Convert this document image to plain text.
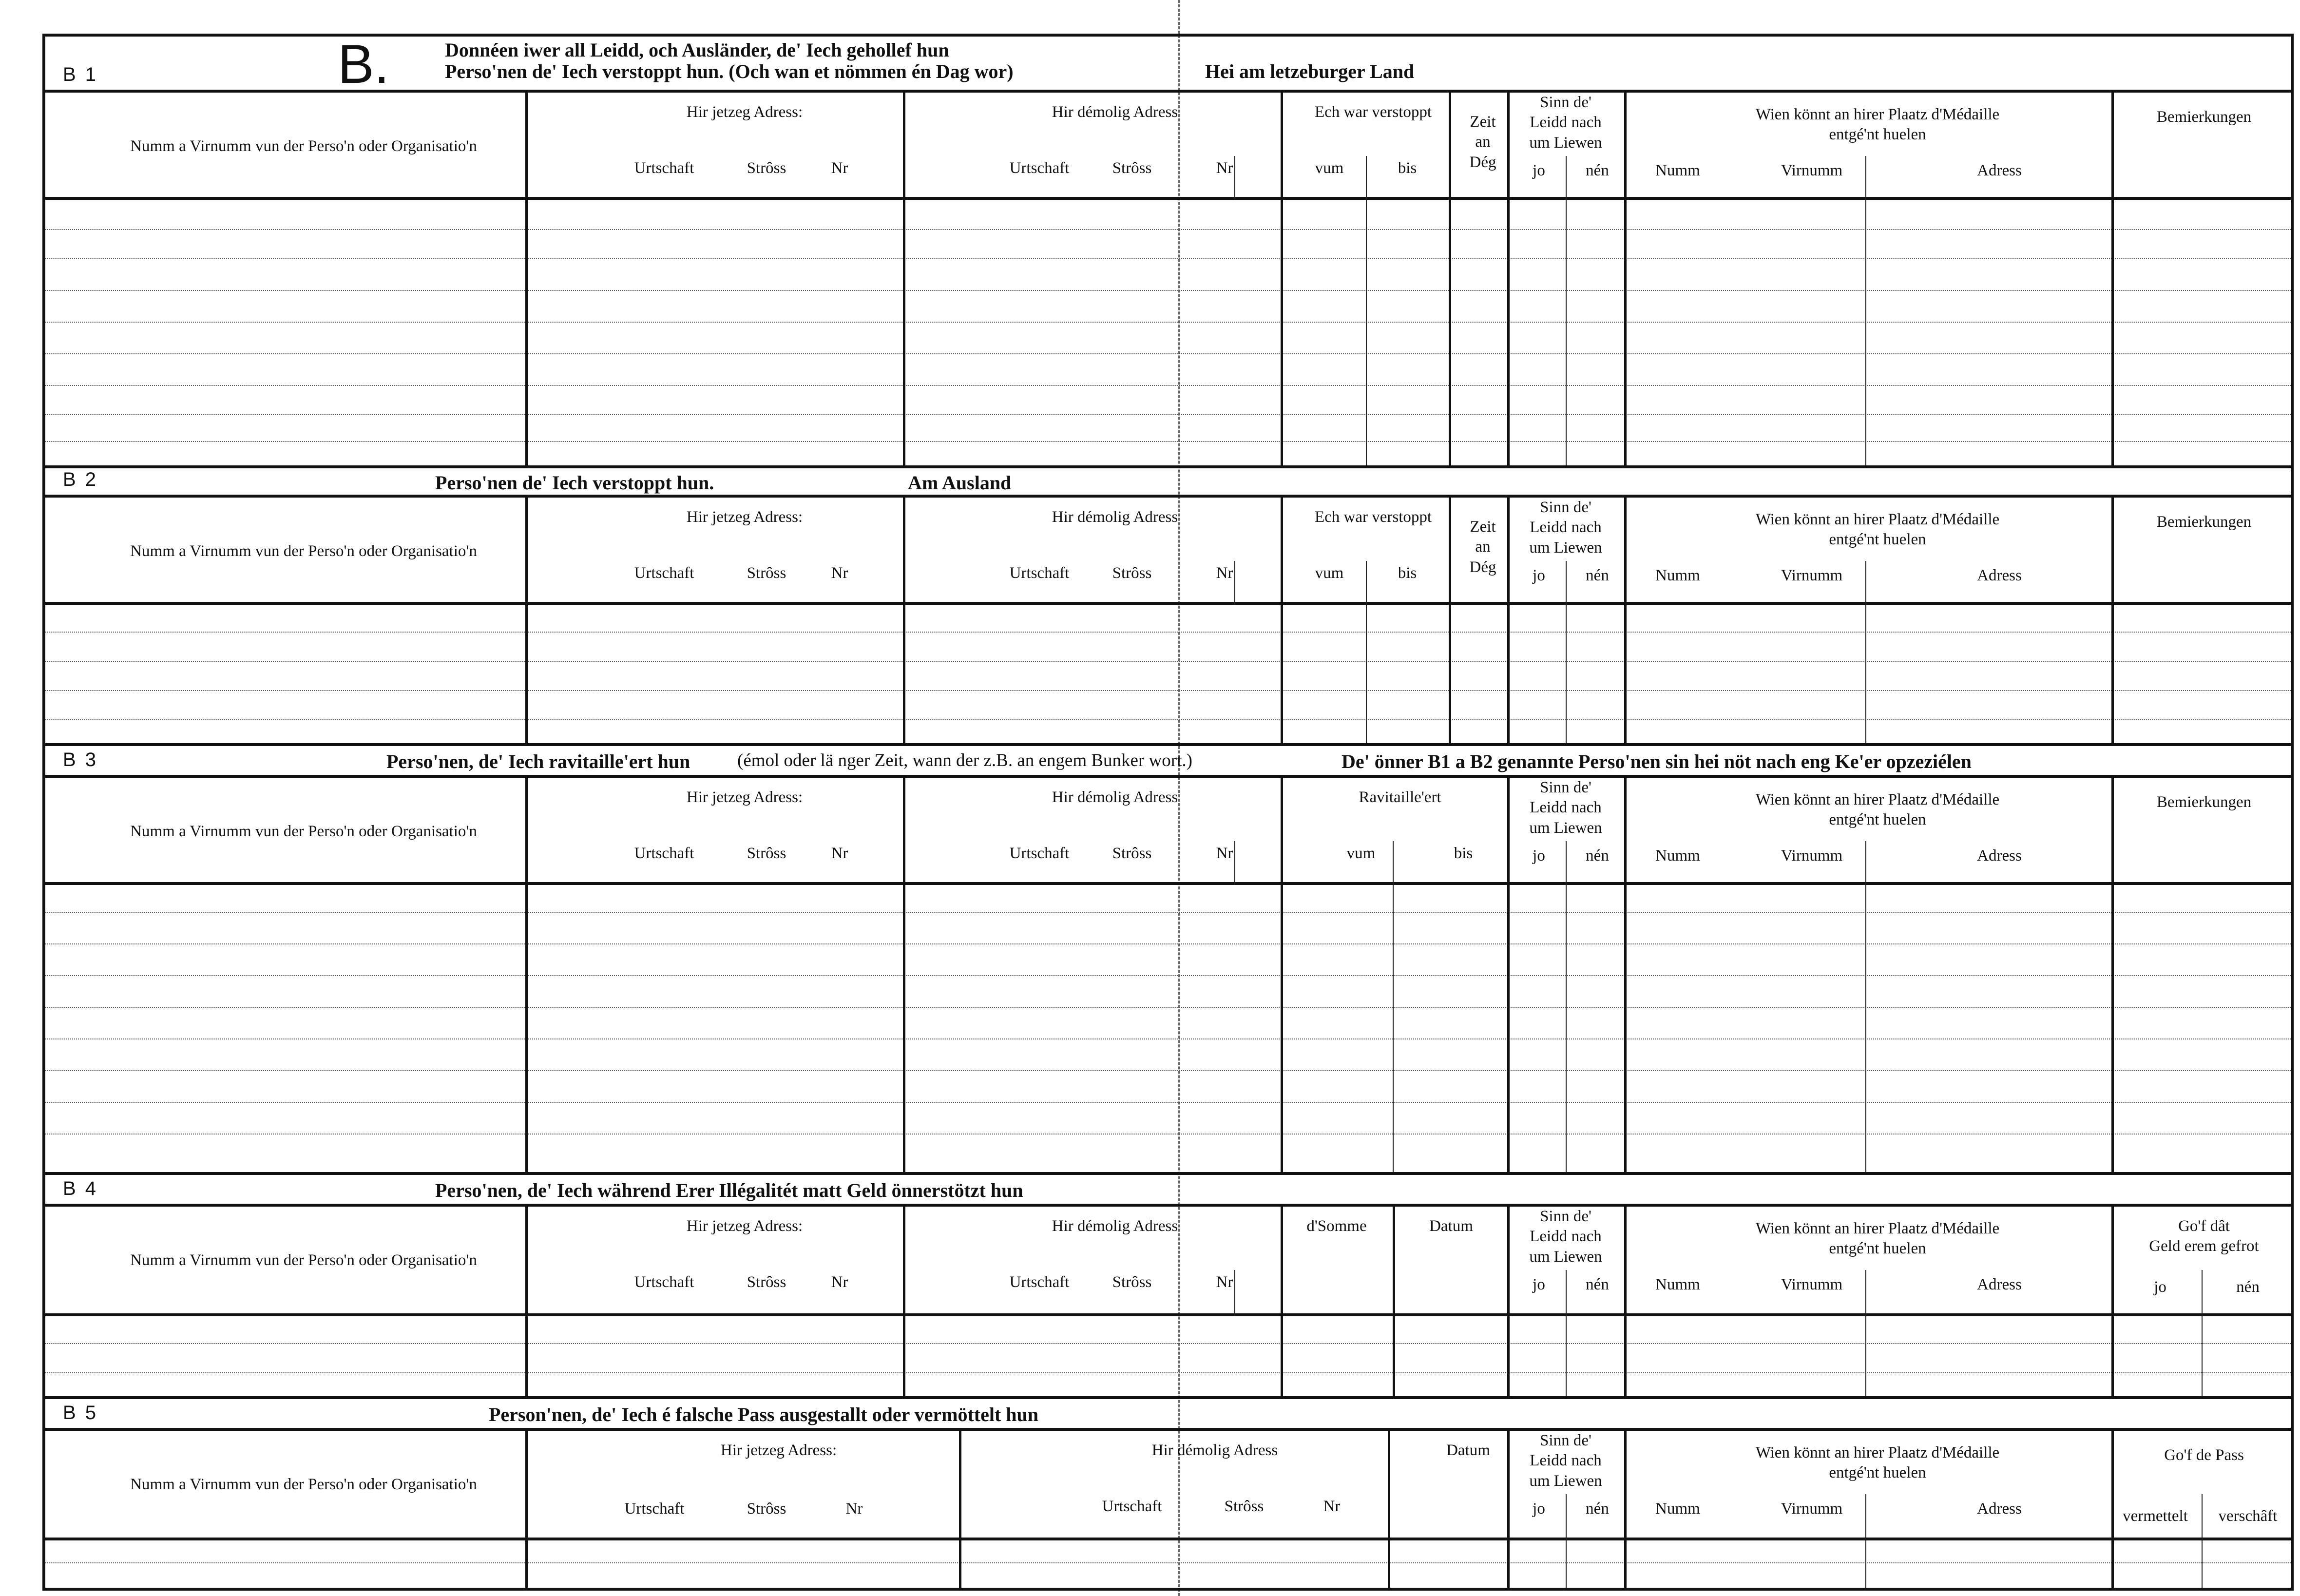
B 1	B.	Donnéen iwer all Leidd, och Ausländer, de' Iech gehollef hun
Perso'nen de' Iech verstoppt hun. (Och wan et nömmen én Dag wor)	Hei am letzeburger Land
Numm a Virnumm vun der Perso'n oder Organisatio'n
Hir jetzeg Adress:
Urtschaft	Strôss	Nr
Hir démolig Adress
Urtschaft	Strôss	Nr
Ech war verstoppt
vum	bis
Zeit
an
Dég
Sinn de'
Leidd nach
um Liewen
jo	nén
Wien könnt an hirer Plaatz d'Médaille
entgé'nt huelen
Numm	Virnumm	Adress
Bemierkungen
B 2	Perso'nen de' Iech verstoppt hun.	Am Ausland
Numm a Virnumm vun der Perso'n oder Organisatio'n
Hir jetzeg Adress:
Urtschaft	Strôss	Nr
Hir démolig Adress
Urtschaft	Strôss	Nr
Ech war verstoppt
vum	bis
Zeit
an
Dég
Sinn de'
Leidd nach
um Liewen
jo	nén
Wien könnt an hirer Plaatz d'Médaille
entgé'nt huelen
Numm	Virnumm	Adress
Bemierkungen
B 3	Perso'nen, de' Iech ravitaille'ert hun	(émol oder lä nger Zeit, wann der z.B. an engem Bunker wort.)	De' önner B1 a B2 genannte Perso'nen sin hei nöt nach eng Ke'er opzeziélen
Numm a Virnumm vun der Perso'n oder Organisatio'n
Hir jetzeg Adress:
Urtschaft	Strôss	Nr
Hir démolig Adress
Urtschaft	Strôss	Nr
Ravitaille'ert
vum	bis
Sinn de'
Leidd nach
um Liewen
jo	nén
Wien könnt an hirer Plaatz d'Médaille
entgé'nt huelen
Numm	Virnumm	Adress
Bemierkungen
B 4	Perso'nen, de' Iech während Erer Illégalitét matt Geld önnerstötzt hun
Numm a Virnumm vun der Perso'n oder Organisatio'n
Hir jetzeg Adress:
Urtschaft	Strôss	Nr
Hir démolig Adress
Urtschaft	Strôss	Nr
d'Somme	Datum
Sinn de'
Leidd nach
um Liewen
jo	nén
Wien könnt an hirer Plaatz d'Médaille
entgé'nt huelen
Numm	Virnumm	Adress
Go'f dât
Geld erem gefrot
jo	nén
B 5	Person'nen, de' Iech é falsche Pass ausgestallt oder vermöttelt hun
Numm a Virnumm vun der Perso'n oder Organisatio'n
Hir jetzeg Adress:
Urtschaft	Strôss	Nr
Hir démolig Adress
Urtschaft	Strôss	Nr
Datum
Sinn de'
Leidd nach
um Liewen
jo	nén
Wien könnt an hirer Plaatz d'Médaille
entgé'nt huelen
Numm	Virnumm	Adress
Go'f de Pass
vermettelt	verschâft
